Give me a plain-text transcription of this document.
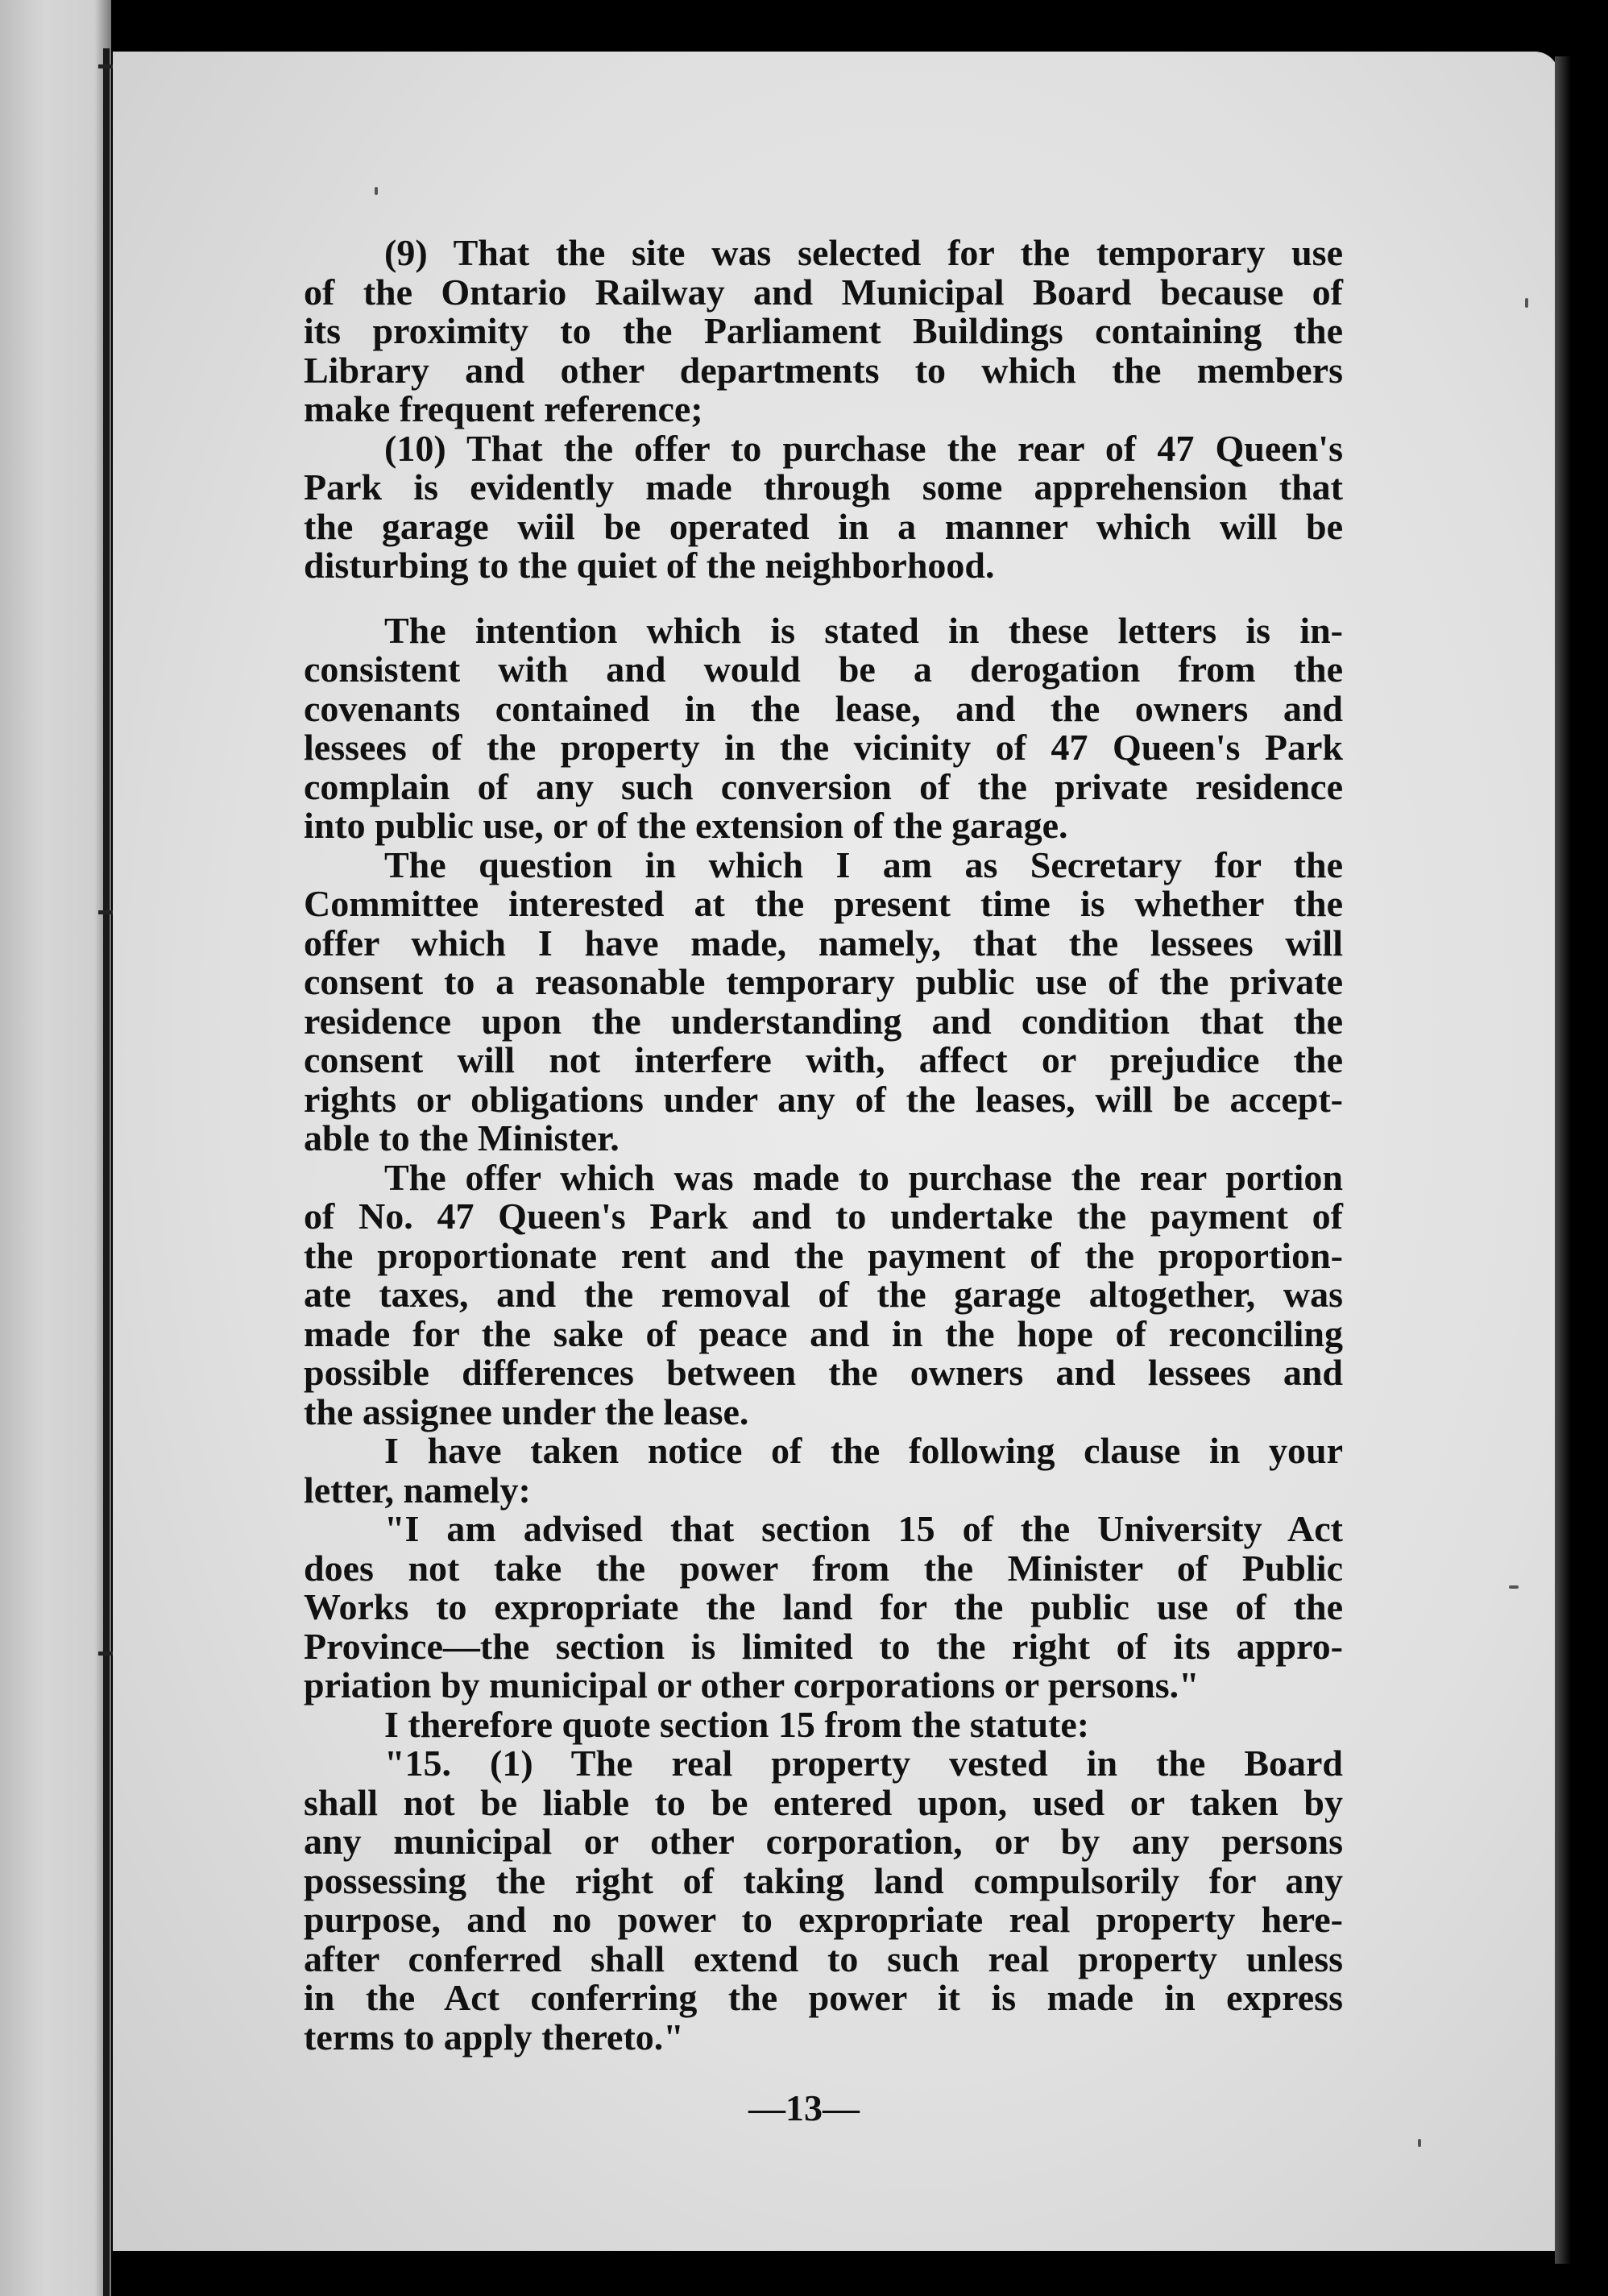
(9) That the site was selected for the temporary use
of the Ontario Railway and Municipal Board because of
its proximity to the Parliament Buildings containing the
Library and other departments to which the members
make frequent reference;
(10) That the offer to purchase the rear of 47 Queen's
Park is evidently made through some apprehension that
the garage wiil be operated in a manner which will be
disturbing to the quiet of the neighborhood.
The intention which is stated in these letters is in-
consistent with and would be a derogation from the
covenants contained in the lease, and the owners and
lessees of the property in the vicinity of 47 Queen's Park
complain of any such conversion of the private residence
into public use, or of the extension of the garage.
The question in which I am as Secretary for the
Committee interested at the present time is whether the
offer which I have made, namely, that the lessees will
consent to a reasonable temporary public use of the private
residence upon the understanding and condition that the
consent will not interfere with, affect or prejudice the
rights or obligations under any of the leases, will be accept-
able to the Minister.
The offer which was made to purchase the rear portion
of No. 47 Queen's Park and to undertake the payment of
the proportionate rent and the payment of the proportion-
ate taxes, and the removal of the garage altogether, was
made for the sake of peace and in the hope of reconciling
possible differences between the owners and lessees and
the assignee under the lease.
I have taken notice of the following clause in your
letter, namely:
"I am advised that section 15 of the University Act
does not take the power from the Minister of Public
Works to expropriate the land for the public use of the
Province—the section is limited to the right of its appro-
priation by municipal or other corporations or persons."
I therefore quote section 15 from the statute:
"15. (1) The real property vested in the Board
shall not be liable to be entered upon, used or taken by
any municipal or other corporation, or by any persons
possessing the right of taking land compulsorily for any
purpose, and no power to expropriate real property here-
after conferred shall extend to such real property unless
in the Act conferring the power it is made in express
terms to apply thereto."
—13—
